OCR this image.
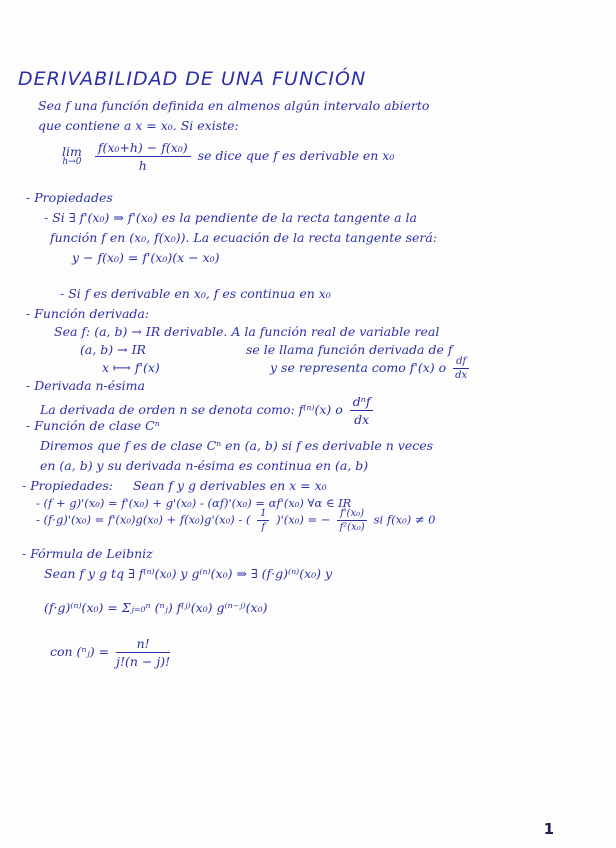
DERIVABILIDAD DE UNA FUNCIÓN
Sea f una función definida en almenos algún intervalo abierto
que contiene a x = x₀. Si existe:
lim
h→0
$\frac{\text{f(x₀+h) − f(x₀)}}{h}$ se dice que f es derivable en x₀
- Propiedades
- Si ∃ f'(x₀) ⇒ f'(x₀) es la pendiente de la recta tangente a la
función f en (x₀, f(x₀)). La ecuación de la recta tangente será:
y − f(x₀) = f'(x₀)(x − x₀)
- Si f es derivable en x₀, f es continua en x₀
- Función derivada:
Sea f: (a, b) → IR derivable. A la función real de variable real
(a, b) → IR	se le llama función derivada de f
x ⟼ f'(x)	y se representa como f'(x) o $\frac{df}{dx}$
- Derivada n-ésima
La derivada de orden n se denota como: f⁽ⁿ⁾(x) o $\frac{\text{dⁿf}}{dx}$
- Función de clase Cⁿ
Diremos que f es de clase Cⁿ en (a, b) si f es derivable n veces
en (a, b) y su derivada n-ésima es continua en (a, b)
- Propiedades: Sean f y g derivables en x = x₀
- (f + g)'(x₀) = f'(x₀) + g'(x₀) - (αf)'(x₀) = αf'(x₀) ∀α ∈ IR
- (f·g)'(x₀) = f'(x₀)g(x₀) + f(x₀)g'(x₀) - ( $\frac{1}{f} )'(x_0)$ = − $\frac{\text{f'(x₀)}}{\text{f²(x₀)}}$ si f(x₀) ≠ 0
- Fórmula de Leibniz
Sean f y g tq ∃ f⁽ⁿ⁾(x₀) y g⁽ⁿ⁾(x₀) ⇒ ∃ (f·g)⁽ⁿ⁾(x₀) y
(f·g)⁽ⁿ⁾(x₀) = Σⱼ₌₀ⁿ (ⁿⱼ) f⁽ʲ⁾(x₀) g⁽ⁿ⁻ʲ⁾(x₀)
con (ⁿⱼ) = $\frac{n!}{j!(n - j)!}$
1
